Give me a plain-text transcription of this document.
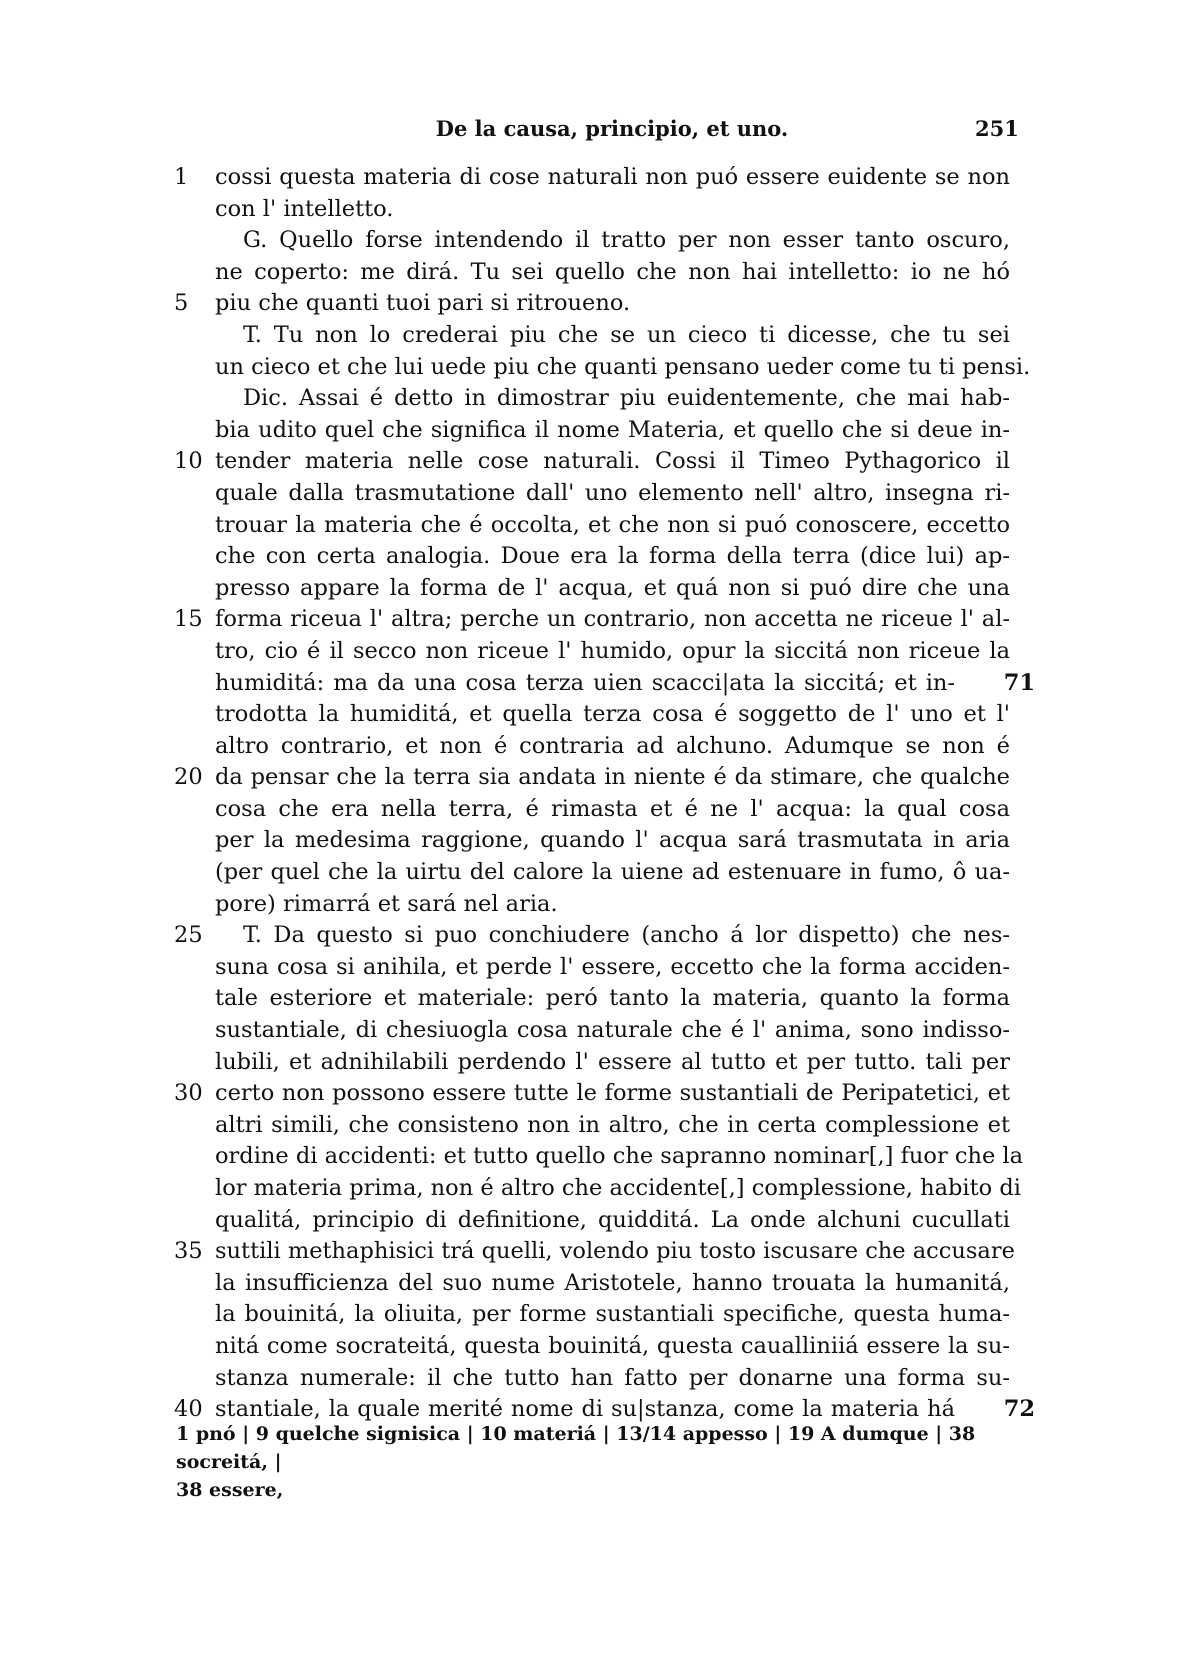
De la causa, principio, et uno.	251
1	cossi questa materia di cose naturali non puó essere euidente se non
con l' intelletto.
G. Quello forse intendendo il tratto per non esser tanto oscuro,
ne coperto: me dirá. Tu sei quello che non hai intelletto: io ne hó
5	piu che quanti tuoi pari si ritroueno.
T. Tu non lo crederai piu che se un cieco ti dicesse, che tu sei
un cieco et che lui uede piu che quanti pensano ueder come tu ti pensi.
Dic. Assai é detto in dimostrar piu euidentemente, che mai hab-
bia udito quel che significa il nome Materia, et quello che si deue in-
10 tender materia nelle cose naturali. Cossi il Timeo Pythagorico il
quale dalla trasmutatione dall' uno elemento nell' altro, insegna ri-
trouar la materia che é occolta, et che non si puó conoscere, eccetto
che con certa analogia. Doue era la forma della terra (dice lui) ap-
presso appare la forma de l' acqua, et quá non si puó dire che una
15 forma riceua l' altra; perche un contrario, non accetta ne riceue l' al-
tro, cio é il secco non riceue l' humido, opur la siccitá non riceue la
humiditá: ma da una cosa terza uien scacci|ata la siccitá; et in-	71
trodotta la humiditá, et quella terza cosa é soggetto de l' uno et l'
altro contrario, et non é contraria ad alchuno. Adumque se non é
20 da pensar che la terra sia andata in niente é da stimare, che qualche
cosa che era nella terra, é rimasta et é ne l' acqua: la qual cosa
per la medesima raggione, quando l' acqua sará trasmutata in aria
(per quel che la uirtu del calore la uiene ad estenuare in fumo, ô ua-
pore) rimarrá et sará nel aria.
25	T. Da questo si puo conchiudere (ancho á lor dispetto) che nes-
suna cosa si anihila, et perde l' essere, eccetto che la forma acciden-
tale esteriore et materiale: peró tanto la materia, quanto la forma
sustantiale, di chesiuogla cosa naturale che é l' anima, sono indisso-
lubili, et adnihilabili perdendo l' essere al tutto et per tutto. tali per
30 certo non possono essere tutte le forme sustantiali de Peripatetici, et
altri simili, che consisteno non in altro, che in certa complessione et
ordine di accidenti: et tutto quello che sapranno nominar[,] fuor che la
lor materia prima, non é altro che accidente[,] complessione, habito di
qualitá, principio di definitione, quidditá. La onde alchuni cucullati
35 suttili methaphisici trá quelli, volendo piu tosto iscusare che accusare
la insufficienza del suo nume Aristotele, hanno trouata la humanitá,
la bouinitá, la oliuita, per forme sustantiali specifiche, questa huma-
nitá come socrateitá, questa bouinitá, questa caualliniiá essere la su-
stanza numerale: il che tutto han fatto per donarne una forma su-
40 stantiale, la quale merité nome di su|stanza, come la materia há	72
1 pnó | 9 quelche signisica | 10 materiá | 13/14 appesso | 19 A dumque | 38 socreitá, |
38 essere,
